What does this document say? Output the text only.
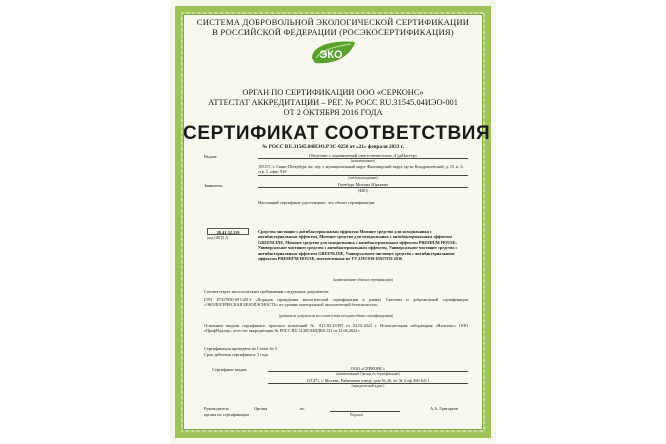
СИСТЕМА ДОБРОВОЛЬНОЙ ЭКОЛОГИЧЕСКОЙ СЕРТИФИКАЦИИ
В РОССИЙСКОЙ ФЕДЕРАЦИИ (РОСЭКОСЕРТИФИКАЦИЯ)
ЭКО
ОРГАН ПО СЕРТИФИКАЦИИ ООО «СЕРКОНС»
АТТЕСТАТ АККРЕДИТАЦИИ – РЕГ. № РОСС RU.31545.04ИЭО-001
ОТ 2 ОКТЯБРЯ 2016 ГОДА
СЕРТИФИКАТ СООТВЕТСТВИЯ
№ РОСС RU.31545.04ИЭО.РЭС-0256 от «21» февраля 2023 г.
Выдан:	Общество с ограниченной ответственностью «ГудМастер»
(наименование)
195197, г. Санкт-Петербург, вн. тер. г. муниципальный округ Финляндский округ, пр-кт Кондратьевский, д. 15, к. 5, стр. 1, офис 916
(местонахождение)
Заявитель:	Гинзбург Михаил Юрьевич
(ФИО)
Настоящий сертификат удостоверяет, что объект сертификации:
20.41.32.119
(код ОКПД 2)
Средства чистящие с антибактериальным эффектом Моющее средство для холодильника с антибактериальным эффектом, Моющее средство для холодильника с антибактериальным эффектом GREENLINE, Моющее средство для холодильника с антибактериальным эффектом PREMIUM HOUSE; Универсальное чистящее средство с антибактериальным эффектом, Универсальное чистящее средство с антибактериальным эффектом GREENLINE, Универсальное чистящее средство с антибактериальным эффектом PREMIUM HOUSE, изготовленные по ТУ 2383-018-65917376-2016
(наименование объекта сертификации)
Соответствует экологическим требованиям следующих документов:
СТО 87417850-001-2013 «Порядок проведения экологической сертификации в рамках Системы и добровольной сертификации «ЭКОЛОГИЧЕСКАЯ БЕЗОПАСНОСТЬ» по уровню интегральной экологической безопасности»
(реквизиты документов на соответствие которым объект сертифицирован)
Основание выдачи сертификата: протокол испытаний № 012-02-23-ВТ от 02.02.2023 г. Испытательная лаборатория «Вэлитекс» ООО «ПрофНадзор», аттестат аккредитации № РОСС RU.31485.04ИДК0.121 от 22.06.2022 г.
Сертификация проведена по Схеме № 5
Срок действия сертификата: 3 года
Сертификат выдан:	ООО «СЕРКОНС»
(наименование Органа по сертификации)
121471, г. Москва, Рябиновая улица, дом № 26, эт. 3т 2 оф 206 Б/б 1
(юридический адрес)
Руководитель
органа по сертификации
Органа	по
Подпись
А.А. Григорьев
